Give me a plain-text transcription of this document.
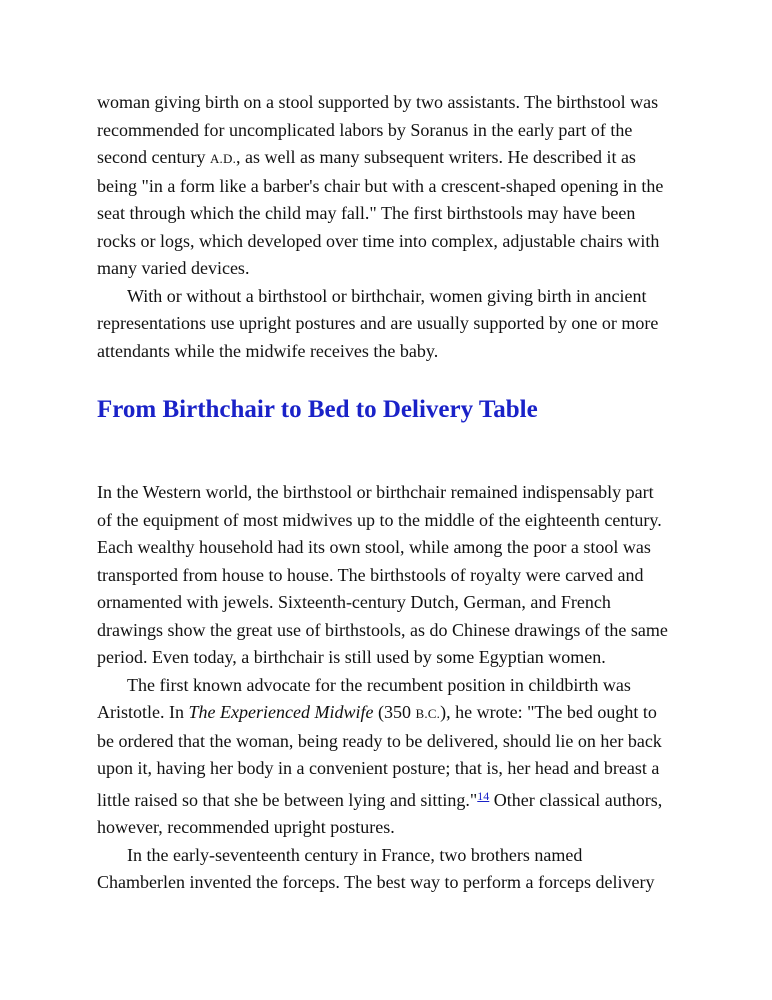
woman giving birth on a stool supported by two assistants. The birthstool was
recommended for uncomplicated labors by Soranus in the early part of the
second century A.D., as well as many subsequent writers. He described it as
being "in a form like a barber's chair but with a crescent-shaped opening in the
seat through which the child may fall." The first birthstools may have been
rocks or logs, which developed over time into complex, adjustable chairs with
many varied devices.

With or without a birthstool or birthchair, women giving birth in ancient
representations use upright postures and are usually supported by one or more
attendants while the midwife receives the baby.

From Birthchair to Bed to Delivery Table

In the Western world, the birthstool or birthchair remained indispensably part
of the equipment of most midwives up to the middle of the eighteenth century.
Each wealthy household had its own stool, while among the poor a stool was
transported from house to house. The birthstools of royalty were carved and
ornamented with jewels. Sixteenth-century Dutch, German, and French
drawings show the great use of birthstools, as do Chinese drawings of the same
period. Even today, a birthchair is still used by some Egyptian women.

The first known advocate for the recumbent position in childbirth was
Aristotle. In The Experienced Midwife (350 B.C.), he wrote: "The bed ought to
be ordered that the woman, being ready to be delivered, should lie on her back
upon it, having her body in a convenient posture; that is, her head and breast a
little raised so that she be between lying and sitting."$^{14}$ Other classical authors,
however, recommended upright postures.

In the early-seventeenth century in France, two brothers named
Chamberlen invented the forceps. The best way to perform a forceps delivery
